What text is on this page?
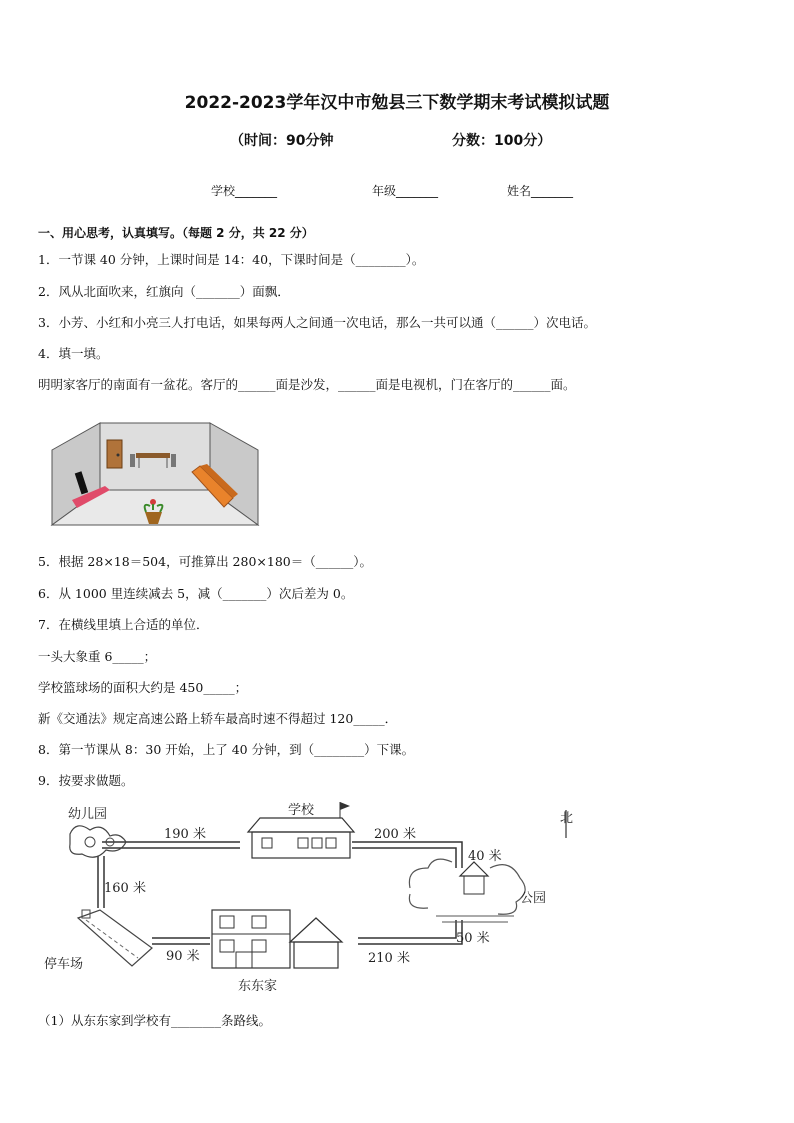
2022-2023学年汉中市勉县三下数学期末考试模拟试题
（时间：90分钟	分数：100分）
学校_______	年级_______	姓名_______
一、用心思考，认真填写。（每题 2 分，共 22 分）
1．一节课 40 分钟，上课时间是 14：40，下课时间是（________）。
2．风从北面吹来，红旗向（_______）面飘．
3．小芳、小红和小亮三人打电话，如果每两人之间通一次电话，那么一共可以通（______）次电话。
4．填一填。
明明家客厅的南面有一盆花。客厅的______面是沙发，______面是电视机，门在客厅的______面。
5．根据 28×18＝504，可推算出 280×180＝（______）。
6．从 1000 里连续减去 5，减（_______）次后差为 0。
7．在横线里填上合适的单位．
一头大象重 6_____；
学校篮球场的面积大约是 450_____；
新《交通法》规定高速公路上轿车最高时速不得超过 120_____．
8．第一节课从 8：30 开始，上了 40 分钟，到（________）下课。
9．按要求做题。
幼儿园	学校
北
公园
停车场
东东家
190 米	200 米
40 米
160 米
50 米
90 米	210 米
（1）从东东家到学校有________条路线。
